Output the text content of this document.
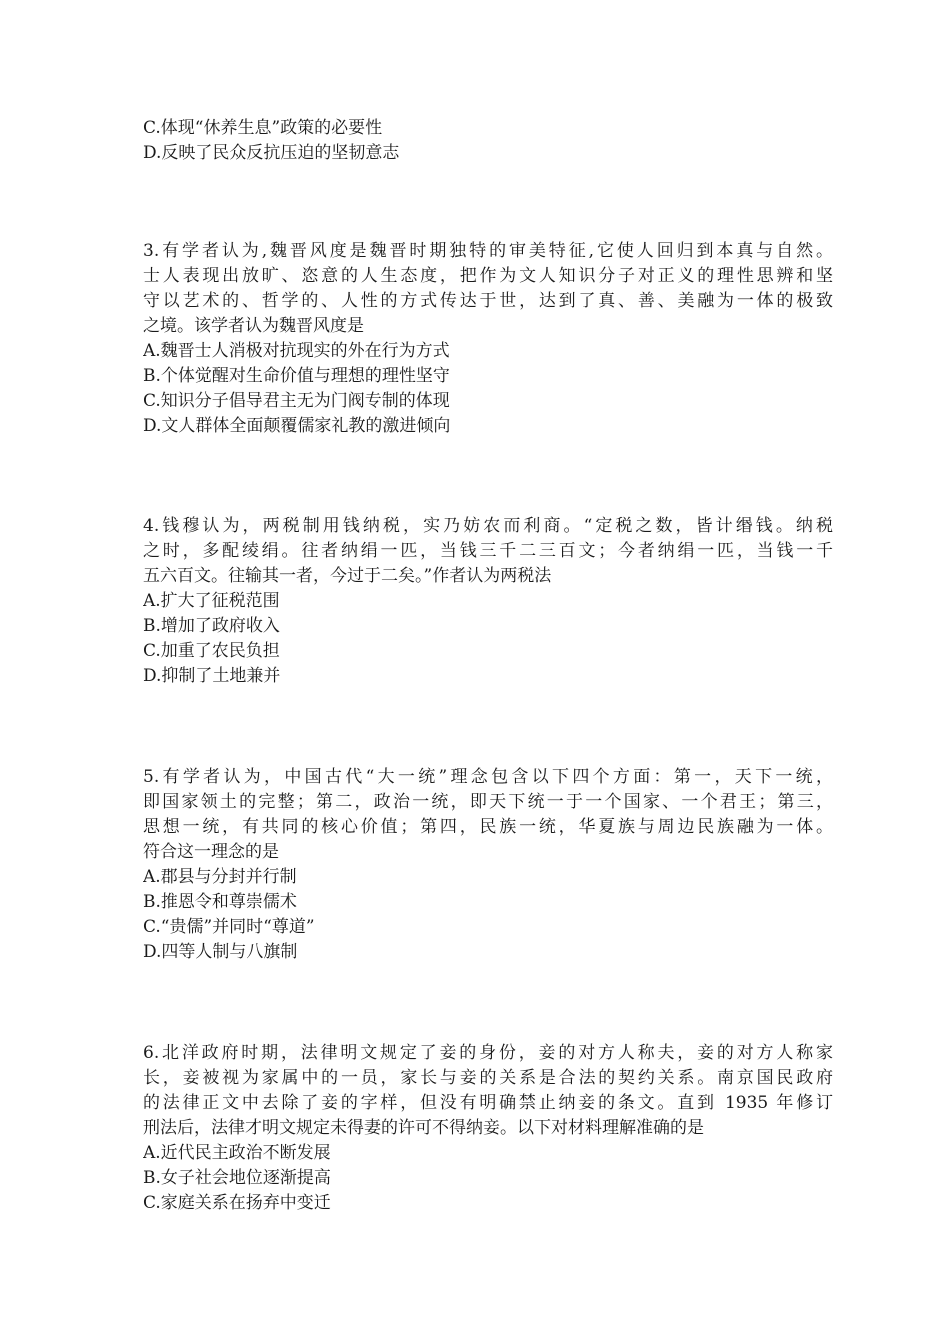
C.体现“休养生息”政策的必要性
D.反映了民众反抗压迫的坚韧意志
3.有学者认为,魏晋风度是魏晋时期独特的审美特征,它使人回归到本真与自然。
士人表现出放旷、恣意的人生态度，把作为文人知识分子对正义的理性思辨和坚
守以艺术的、哲学的、人性的方式传达于世，达到了真、善、美融为一体的极致
之境。该学者认为魏晋风度是
A.魏晋士人消极对抗现实的外在行为方式
B.个体觉醒对生命价值与理想的理性坚守
C.知识分子倡导君主无为门阀专制的体现
D.文人群体全面颠覆儒家礼教的激进倾向
4.钱穆认为，两税制用钱纳税，实乃妨农而利商。“定税之数，皆计缗钱。纳税
之时，多配绫绢。往者纳绢一匹，当钱三千二三百文；今者纳绢一匹，当钱一千
五六百文。往输其一者，今过于二矣。”作者认为两税法
A.扩大了征税范围
B.增加了政府收入
C.加重了农民负担
D.抑制了土地兼并
5.有学者认为，中国古代“大一统”理念包含以下四个方面：第一，天下一统，
即国家领土的完整；第二，政治一统，即天下统一于一个国家、一个君王；第三，
思想一统，有共同的核心价值；第四，民族一统，华夏族与周边民族融为一体。
符合这一理念的是
A.郡县与分封并行制
B.推恩令和尊崇儒术
C.“贵儒”并同时“尊道”
D.四等人制与八旗制
6.北洋政府时期，法律明文规定了妾的身份，妾的对方人称夫，妾的对方人称家
长，妾被视为家属中的一员，家长与妾的关系是合法的契约关系。南京国民政府
的法律正文中去除了妾的字样，但没有明确禁止纳妾的条文。直到 1935 年修订
刑法后，法律才明文规定未得妻的许可不得纳妾。以下对材料理解准确的是
A.近代民主政治不断发展
B.女子社会地位逐渐提高
C.家庭关系在扬弃中变迁
